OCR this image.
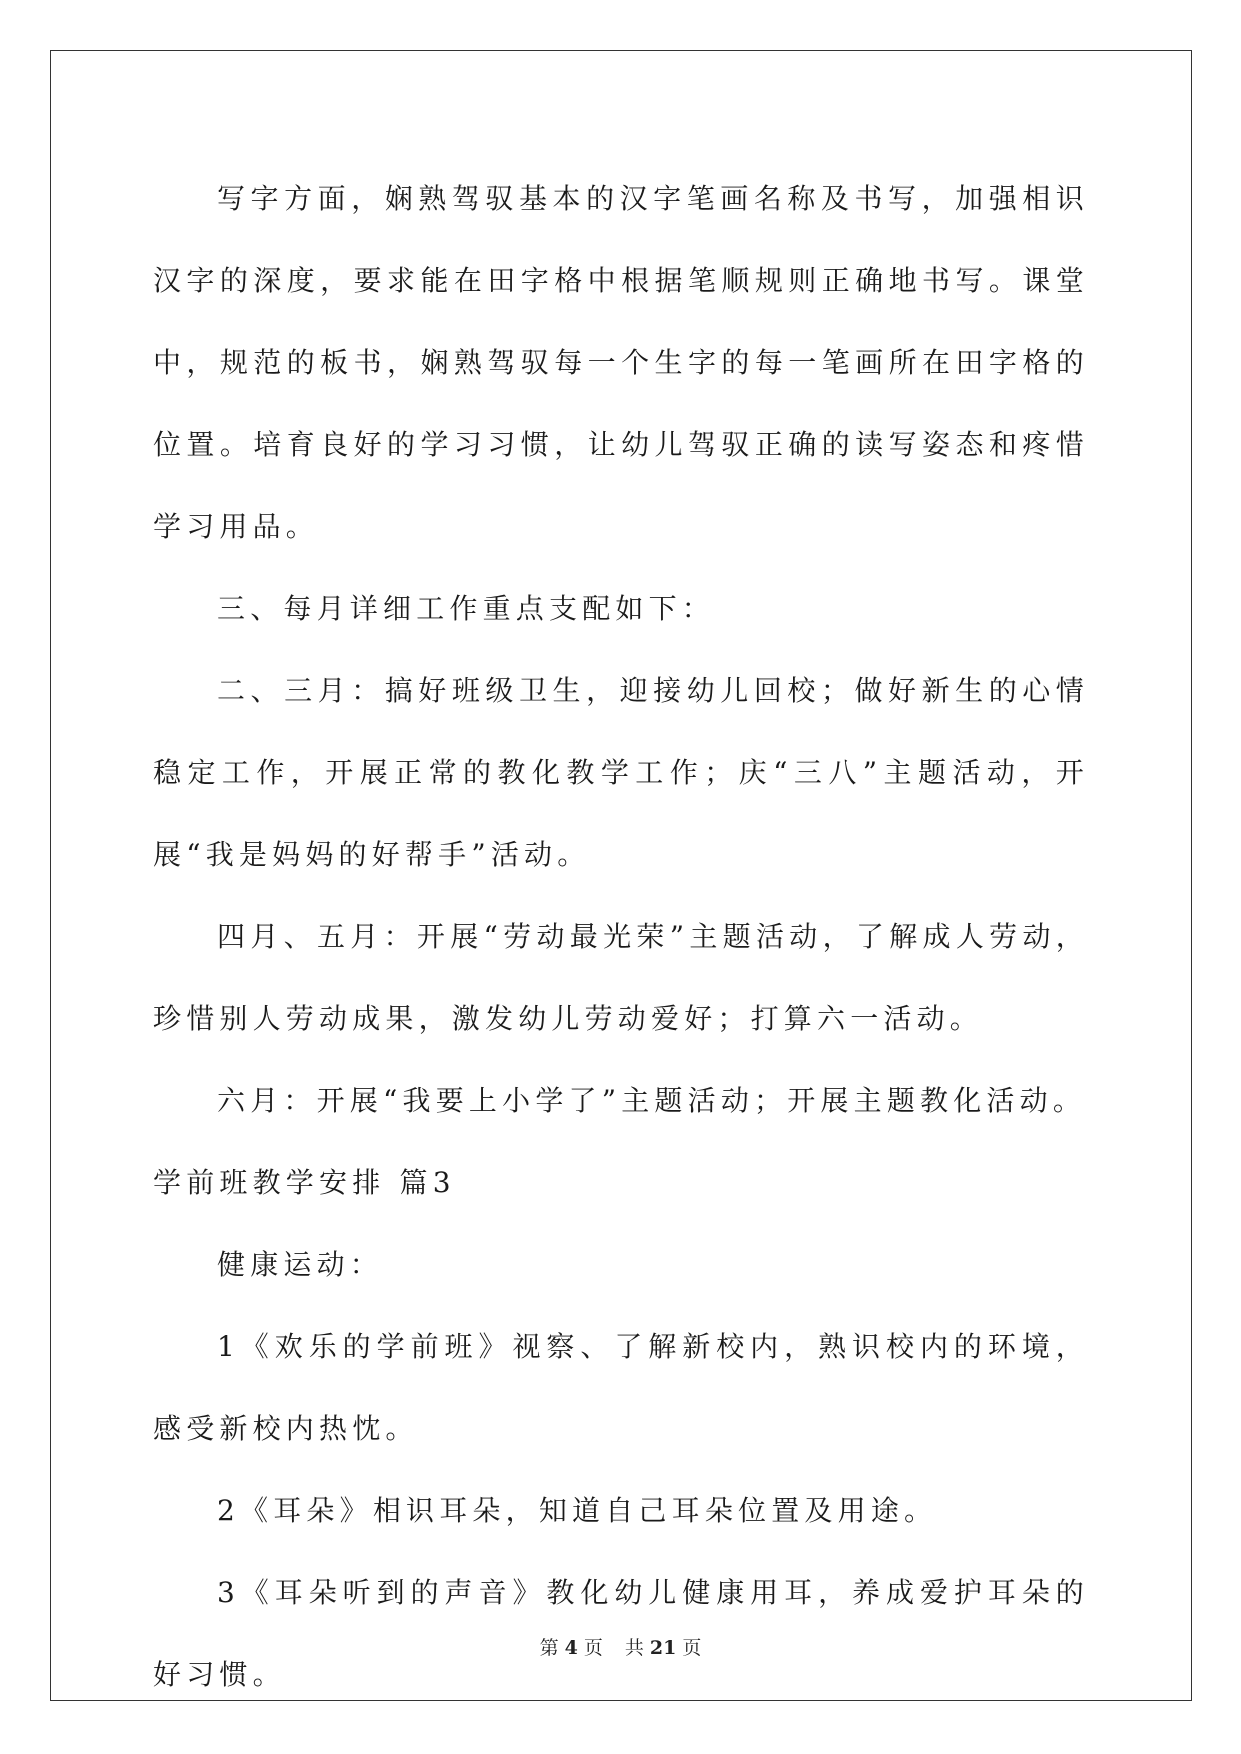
写字方面，娴熟驾驭基本的汉字笔画名称及书写，加强相识汉字的深度，要求能在田字格中根据笔顺规则正确地书写。课堂中，规范的板书，娴熟驾驭每一个生字的每一笔画所在田字格的位置。培育良好的学习习惯，让幼儿驾驭正确的读写姿态和疼惜学习用品。

三、每月详细工作重点支配如下：

二、三月：搞好班级卫生，迎接幼儿回校；做好新生的心情稳定工作，开展正常的教化教学工作；庆“三八”主题活动，开展“我是妈妈的好帮手”活动。

四月、五月：开展“劳动最光荣”主题活动，了解成人劳动，珍惜别人劳动成果，激发幼儿劳动爱好；打算六一活动。

六月：开展“我要上小学了”主题活动；开展主题教化活动。

学前班教学安排 篇3

健康运动：

1《欢乐的学前班》视察、了解新校内，熟识校内的环境，感受新校内热忱。

2《耳朵》相识耳朵，知道自己耳朵位置及用途。

3《耳朵听到的声音》教化幼儿健康用耳，养成爱护耳朵的好习惯。

第 4 页 共 21 页
